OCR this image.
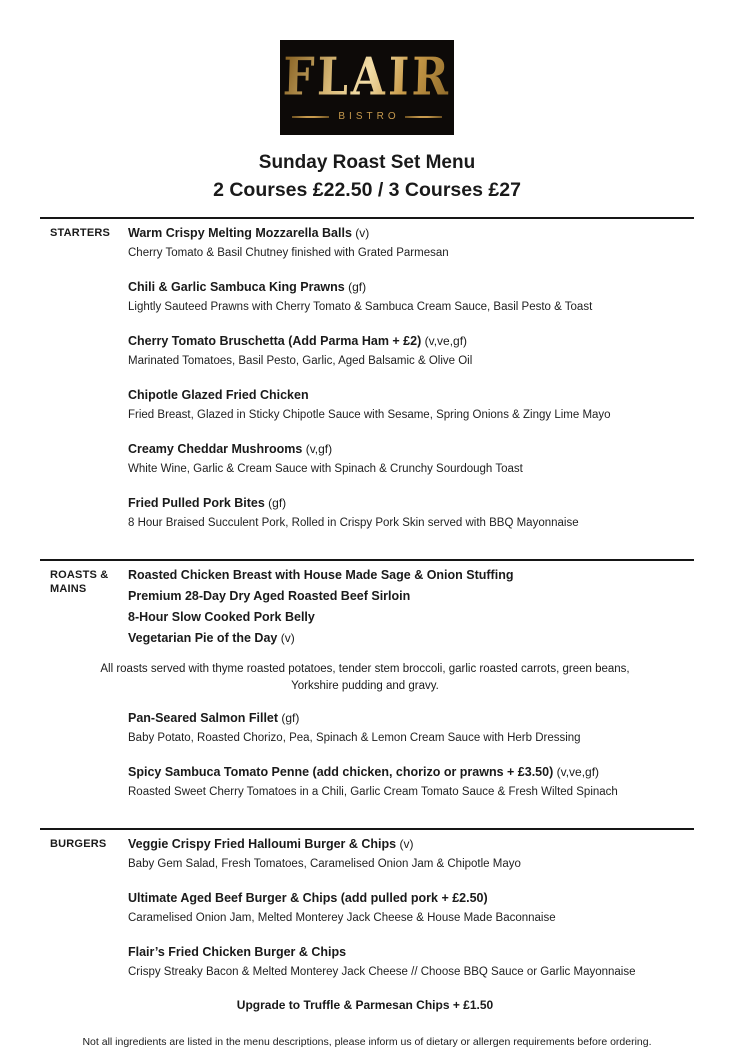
FLAIR
BISTRO
Sunday Roast Set Menu
2 Courses £22.50 / 3 Courses £27
STARTERS	Warm Crispy Melting Mozzarella Balls (v)
Cherry Tomato & Basil Chutney finished with Grated Parmesan
Chili & Garlic Sambuca King Prawns (gf)
Lightly Sauteed Prawns with Cherry Tomato & Sambuca Cream Sauce, Basil Pesto & Toast
Cherry Tomato Bruschetta (Add Parma Ham + £2) (v,ve,gf)
Marinated Tomatoes, Basil Pesto, Garlic, Aged Balsamic & Olive Oil
Chipotle Glazed Fried Chicken
Fried Breast, Glazed in Sticky Chipotle Sauce with Sesame, Spring Onions & Zingy Lime Mayo
Creamy Cheddar Mushrooms (v,gf)
White Wine, Garlic & Cream Sauce with Spinach & Crunchy Sourdough Toast
Fried Pulled Pork Bites (gf)
8 Hour Braised Succulent Pork, Rolled in Crispy Pork Skin served with BBQ Mayonnaise
ROASTS &
MAINS
Roasted Chicken Breast with House Made Sage & Onion Stuffing
Premium 28-Day Dry Aged Roasted Beef Sirloin
8-Hour Slow Cooked Pork Belly
Vegetarian Pie of the Day (v)
All roasts served with thyme roasted potatoes, tender stem broccoli, garlic roasted carrots, green beans, Yorkshire pudding and gravy.
Pan-Seared Salmon Fillet (gf)
Baby Potato, Roasted Chorizo, Pea, Spinach & Lemon Cream Sauce with Herb Dressing
Spicy Sambuca Tomato Penne (add chicken, chorizo or prawns + £3.50) (v,ve,gf)
Roasted Sweet Cherry Tomatoes in a Chili, Garlic Cream Tomato Sauce & Fresh Wilted Spinach
BURGERS	Veggie Crispy Fried Halloumi Burger & Chips (v)
Baby Gem Salad, Fresh Tomatoes, Caramelised Onion Jam & Chipotle Mayo
Ultimate Aged Beef Burger & Chips (add pulled pork + £2.50)
Caramelised Onion Jam, Melted Monterey Jack Cheese & House Made Baconnaise
Flair’s Fried Chicken Burger & Chips
Crispy Streaky Bacon & Melted Monterey Jack Cheese // Choose BBQ Sauce or Garlic Mayonnaise
Upgrade to Truffle & Parmesan Chips + £1.50

Not all ingredients are listed in the menu descriptions, please inform us of dietary or allergen requirements before ordering.
